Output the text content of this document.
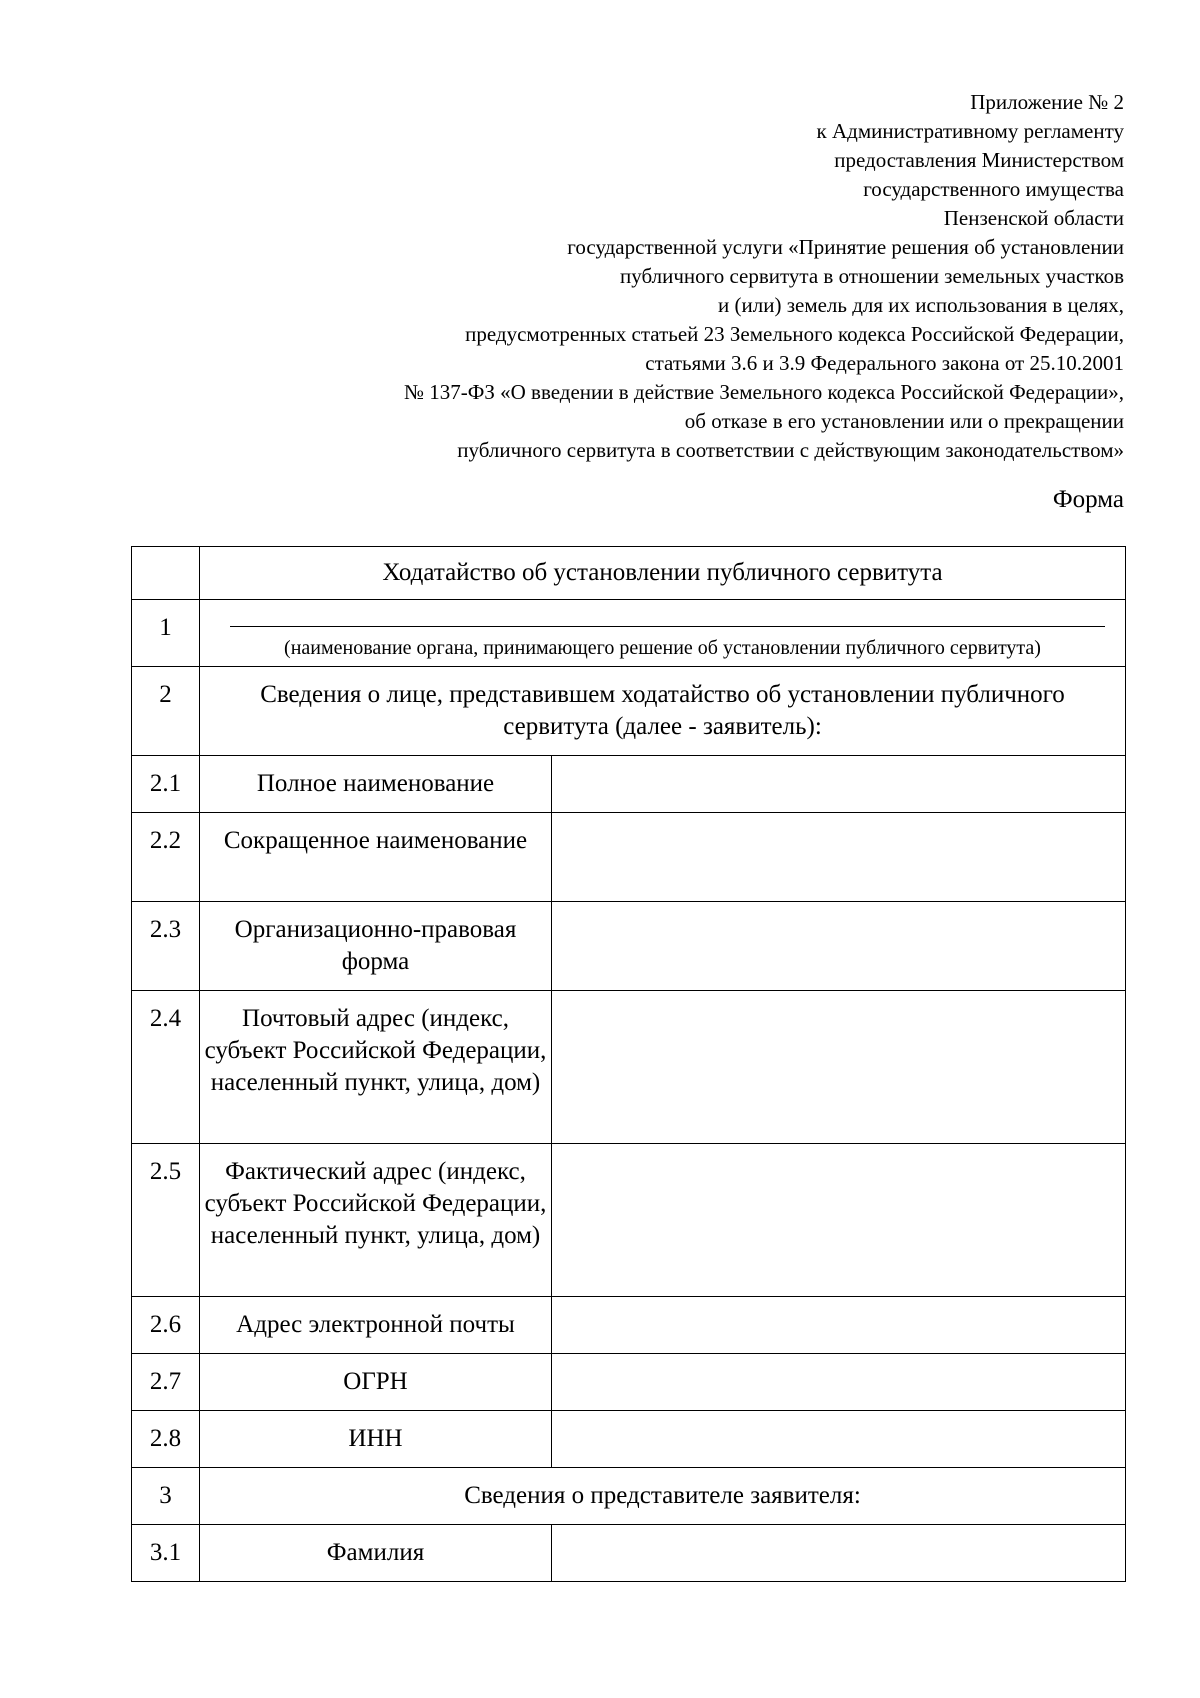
Приложение № 2
к Административному регламенту
предоставления Министерством
государственного имущества
Пензенской области
государственной услуги «Принятие решения об установлении
публичного сервитута в отношении земельных участков
и (или) земель для их использования в целях,
предусмотренных статьей 23 Земельного кодекса Российской Федерации,
статьями 3.6 и 3.9 Федерального закона от 25.10.2001
№ 137-ФЗ «О введении в действие Земельного кодекса Российской Федерации»,
об отказе в его установлении или о прекращении
публичного сервитута в соответствии с действующим законодательством»
Форма
	Ходатайство об установлении публичного сервитута	
1	(наименование органа, принимающего решение об установлении публичного сервитута)	

2	Сведения о лице, представившем ходатайство об установлении публичного сервитута (далее - заявитель):	
2.1	Полное наименование	
2.2	Сокращенное наименование	
2.3	Организационно-правовая форма	
2.4	Почтовый адрес (индекс, субъект Российской Федерации, населенный пункт, улица, дом)	
2.5	Фактический адрес (индекс, субъект Российской Федерации, населенный пункт, улица, дом)	
2.6	Адрес электронной почты	
2.7	ОГРН	
2.8	ИНН	
3	Сведения о представителе заявителя:	
3.1	Фамилия	
